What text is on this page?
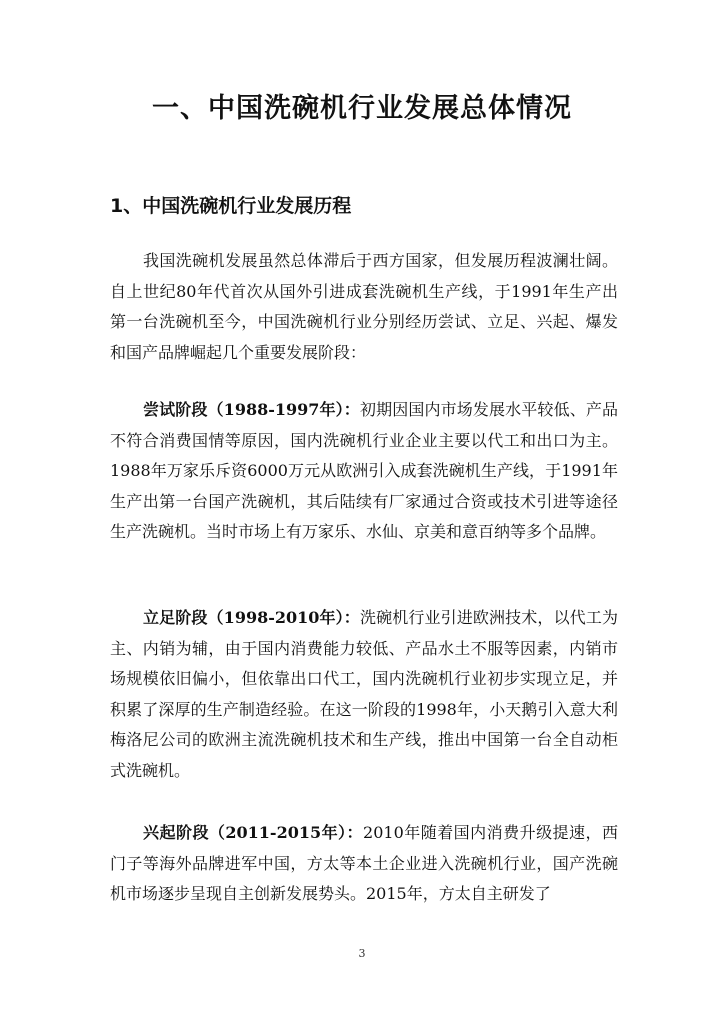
一、中国洗碗机行业发展总体情况
1、中国洗碗机行业发展历程

我国洗碗机发展虽然总体滞后于西方国家，但发展历程波澜壮阔。自上世纪80年代首次从国外引进成套洗碗机生产线，于1991年生产出第一台洗碗机至今，中国洗碗机行业分别经历尝试、立足、兴起、爆发和国产品牌崛起几个重要发展阶段：

尝试阶段（1988-1997年）：初期因国内市场发展水平较低、产品不符合消费国情等原因，国内洗碗机行业企业主要以代工和出口为主。1988年万家乐斥资6000万元从欧洲引入成套洗碗机生产线，于1991年生产出第一台国产洗碗机，其后陆续有厂家通过合资或技术引进等途径生产洗碗机。当时市场上有万家乐、水仙、京美和意百纳等多个品牌。

立足阶段（1998-2010年）：洗碗机行业引进欧洲技术，以代工为主、内销为辅，由于国内消费能力较低、产品水土不服等因素，内销市场规模依旧偏小，但依靠出口代工，国内洗碗机行业初步实现立足，并积累了深厚的生产制造经验。在这一阶段的1998年，小天鹅引入意大利梅洛尼公司的欧洲主流洗碗机技术和生产线，推出中国第一台全自动柜式洗碗机。

兴起阶段（2011-2015年）：2010年随着国内消费升级提速，西门子等海外品牌进军中国，方太等本土企业进入洗碗机行业，国产洗碗机市场逐步呈现自主创新发展势头。2015年，方太自主研发了

3
